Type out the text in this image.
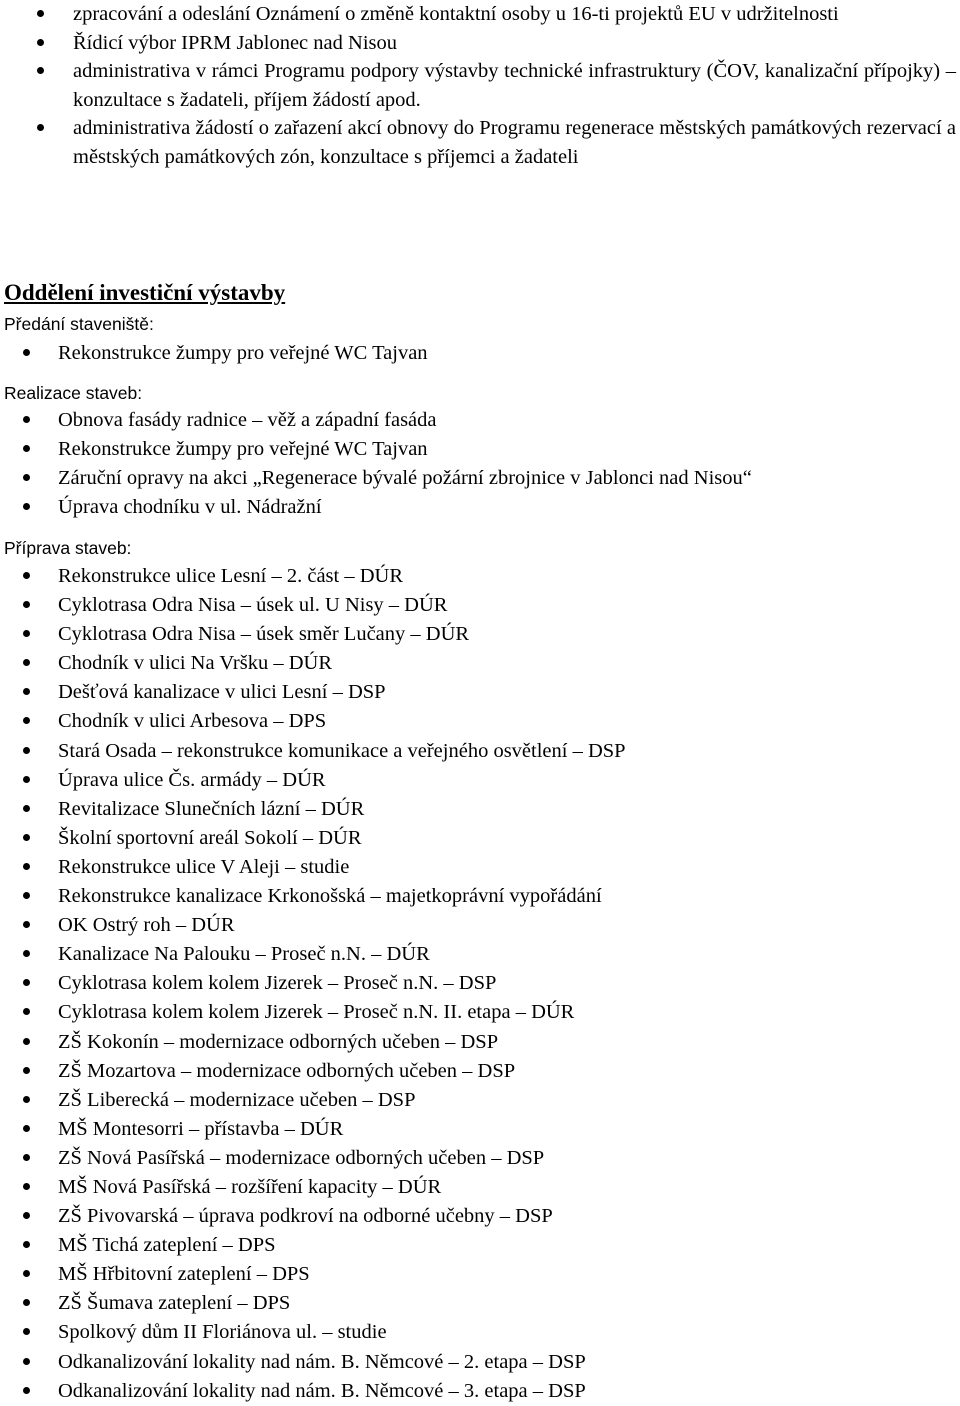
zpracování a odeslání Oznámení o změně kontaktní osoby u 16-ti projektů EU v udržitelnosti
Řídicí výbor IPRM Jablonec nad Nisou
administrativa v rámci Programu podpory výstavby technické infrastruktury (ČOV, kanalizační přípojky) – konzultace s žadateli, příjem žádostí apod.
administrativa žádostí o zařazení akcí obnovy do Programu regenerace městských památkových rezervací a městských památkových zón, konzultace s příjemci a žadateli
Oddělení investiční výstavby
Předání staveniště:
Rekonstrukce žumpy pro veřejné WC Tajvan
Realizace staveb:
Obnova fasády radnice – věž a západní fasáda
Rekonstrukce žumpy pro veřejné WC Tajvan
Záruční opravy na akci „Regenerace bývalé požární zbrojnice v Jablonci nad Nisou“
Úprava chodníku v ul. Nádražní
Příprava staveb:
Rekonstrukce ulice Lesní – 2. část – DÚR
Cyklotrasa Odra Nisa – úsek ul. U Nisy – DÚR
Cyklotrasa Odra Nisa – úsek směr Lučany – DÚR
Chodník v ulici Na Vršku – DÚR
Dešťová kanalizace v ulici Lesní – DSP
Chodník v ulici Arbesova – DPS
Stará Osada – rekonstrukce komunikace a veřejného osvětlení – DSP
Úprava ulice Čs. armády – DÚR
Revitalizace Slunečních lázní – DÚR
Školní sportovní areál Sokolí – DÚR
Rekonstrukce ulice V Aleji – studie
Rekonstrukce kanalizace Krkonošská – majetkoprávní vypořádání
OK Ostrý roh – DÚR
Kanalizace Na Palouku – Proseč n.N. – DÚR
Cyklotrasa kolem kolem Jizerek – Proseč n.N. – DSP
Cyklotrasa kolem kolem Jizerek – Proseč n.N. II. etapa – DÚR
ZŠ Kokonín – modernizace odborných učeben – DSP
ZŠ Mozartova – modernizace odborných učeben – DSP
ZŠ Liberecká – modernizace učeben – DSP
MŠ Montesorri – přístavba – DÚR
ZŠ Nová Pasířská – modernizace odborných učeben – DSP
MŠ Nová Pasířská – rozšíření kapacity – DÚR
ZŠ Pivovarská – úprava podkroví na odborné učebny – DSP
MŠ Tichá zateplení – DPS
MŠ Hřbitovní zateplení – DPS
ZŠ Šumava zateplení – DPS
Spolkový dům II Floriánova ul. – studie
Odkanalizování lokality nad nám. B. Němcové – 2. etapa – DSP
Odkanalizování lokality nad nám. B. Němcové – 3. etapa – DSP
